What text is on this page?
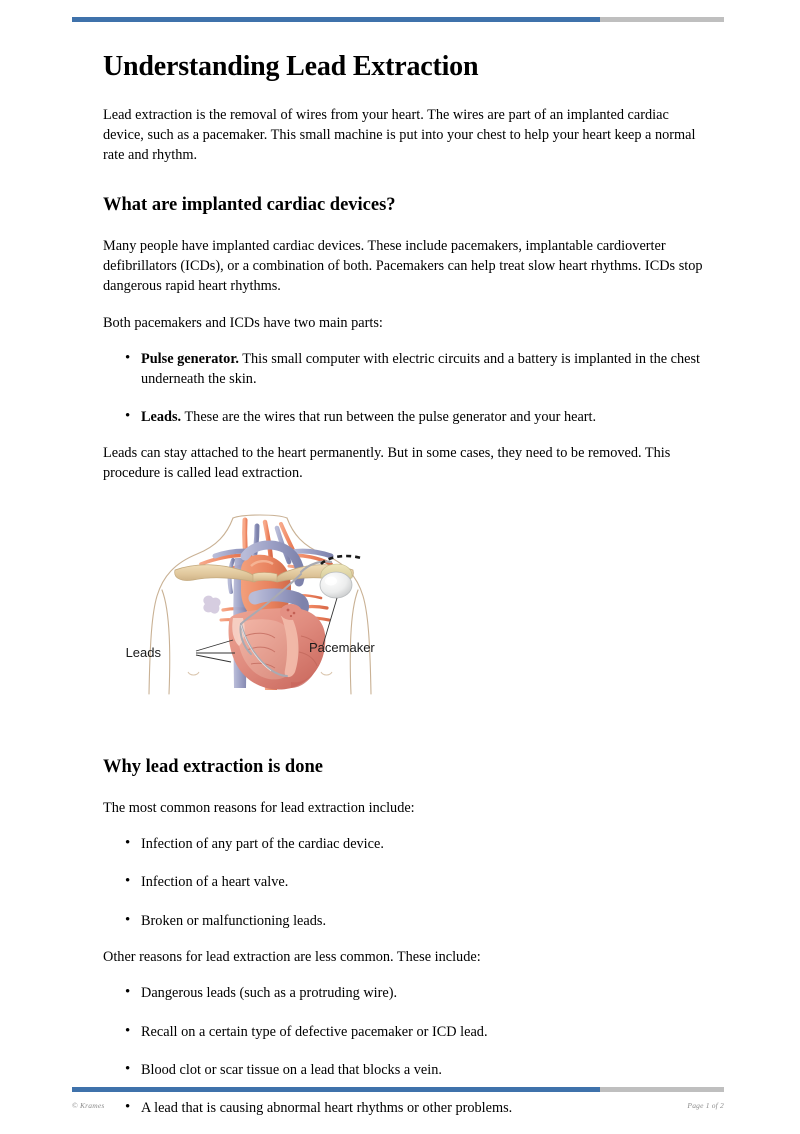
Understanding Lead Extraction

Lead extraction is the removal of wires from your heart. The wires are part of an implanted cardiac device, such as a pacemaker. This small machine is put into your chest to help your heart keep a normal rate and rhythm.

What are implanted cardiac devices?

Many people have implanted cardiac devices. These include pacemakers, implantable cardioverter defibrillators (ICDs), or a combination of both. Pacemakers can help treat slow heart rhythms. ICDs stop dangerous rapid heart rhythms.

Both pacemakers and ICDs have two main parts:

• Pulse generator. This small computer with electric circuits and a battery is implanted in the chest underneath the skin.
• Leads. These are the wires that run between the pulse generator and your heart.

Leads can stay attached to the heart permanently. But in some cases, they need to be removed. This procedure is called lead extraction.

Leads	Pacemaker
Why lead extraction is done

The most common reasons for lead extraction include:

• Infection of any part of the cardiac device.
• Infection of a heart valve.
• Broken or malfunctioning leads.

Other reasons for lead extraction are less common. These include:

• Dangerous leads (such as a protruding wire).
• Recall on a certain type of defective pacemaker or ICD lead.
• Blood clot or scar tissue on a lead that blocks a vein.
• A lead that is causing abnormal heart rhythms or other problems.
© Krames	Page 1 of 2
